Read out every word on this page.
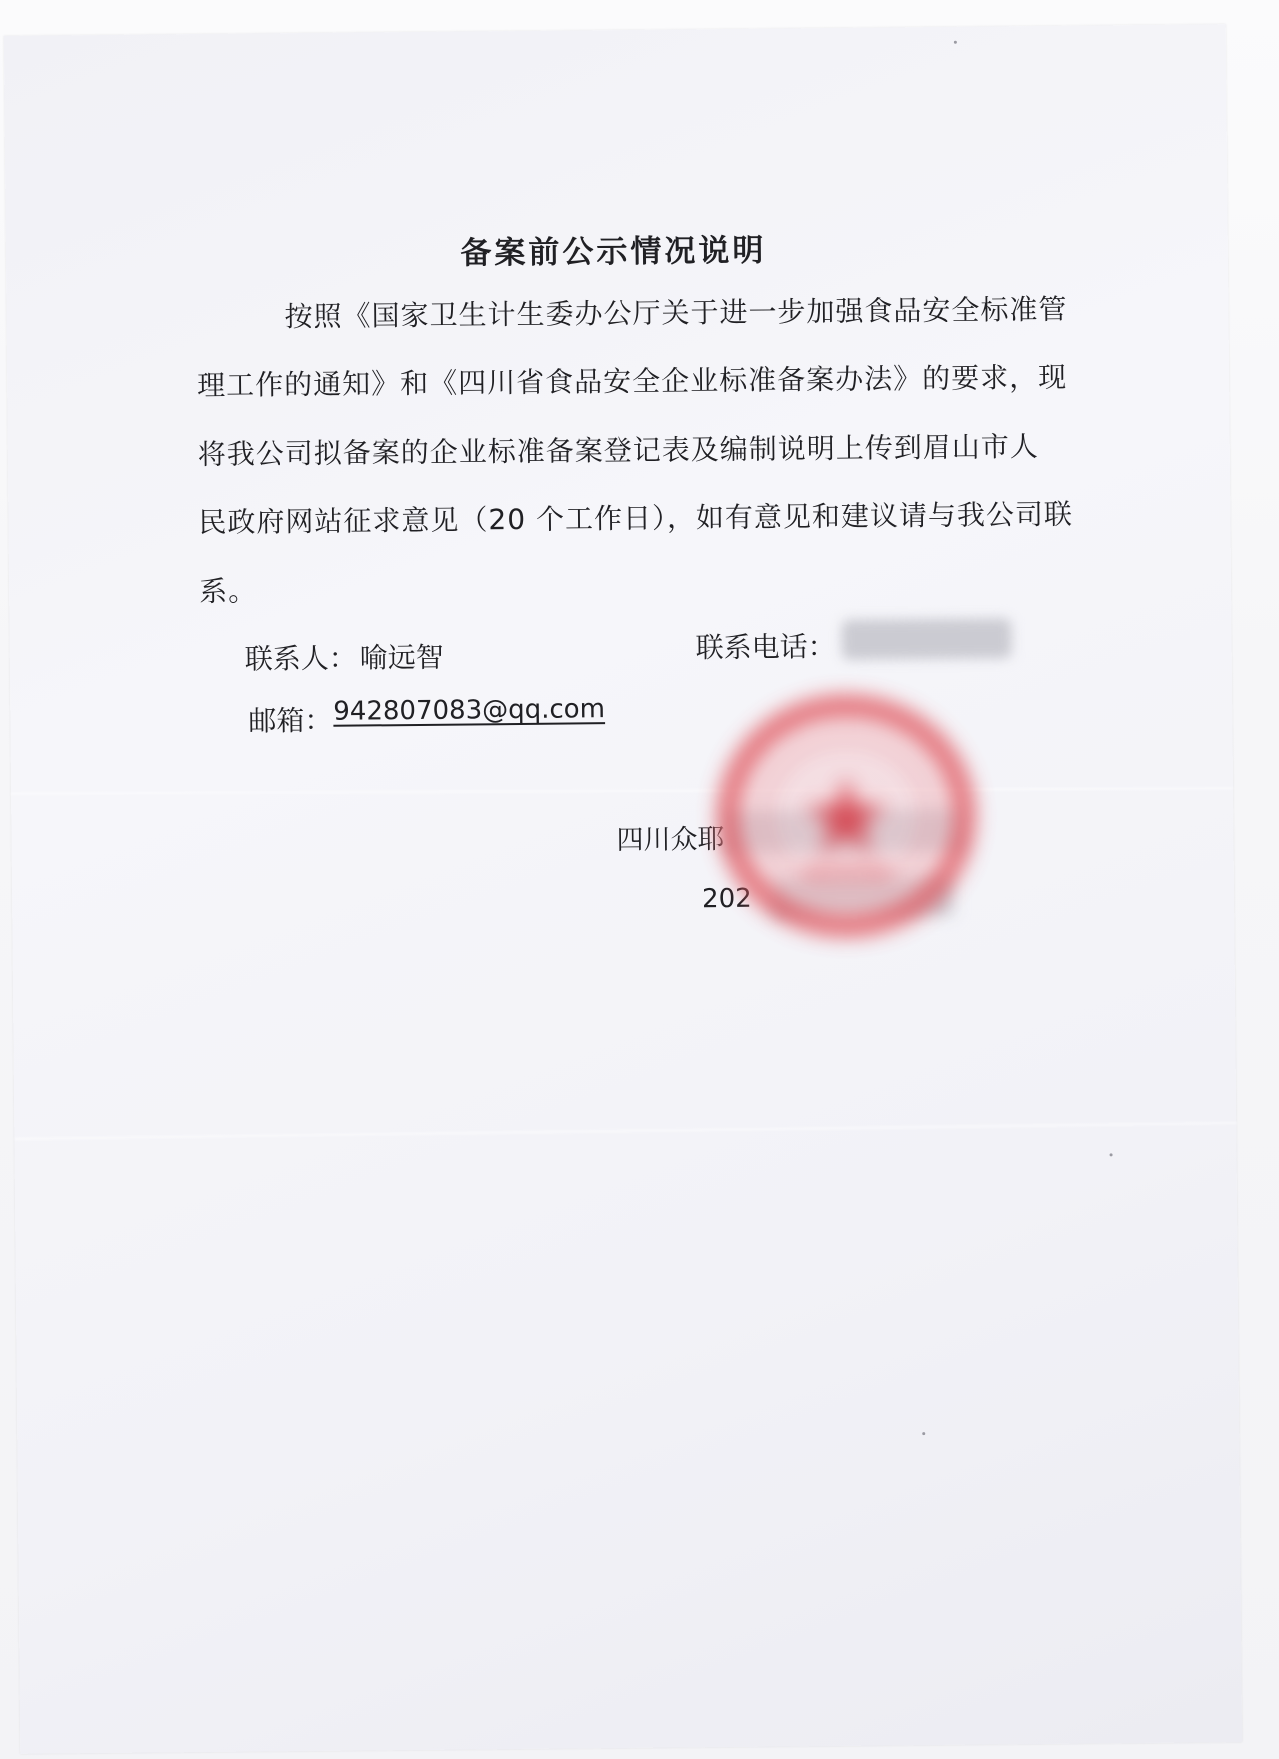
备案前公示情况说明
按照《国家卫生计生委办公厅关于进一步加强食品安全标准管
理工作的通知》和《四川省食品安全企业标准备案办法》的要求，现
将我公司拟备案的企业标准备案登记表及编制说明上传到眉山市人
民政府网站征求意见（20 个工作日），如有意见和建议请与我公司联
系。
联系人： 喻远智	联系电话：
邮箱： 942807083@qq.com
四川众耶
202
